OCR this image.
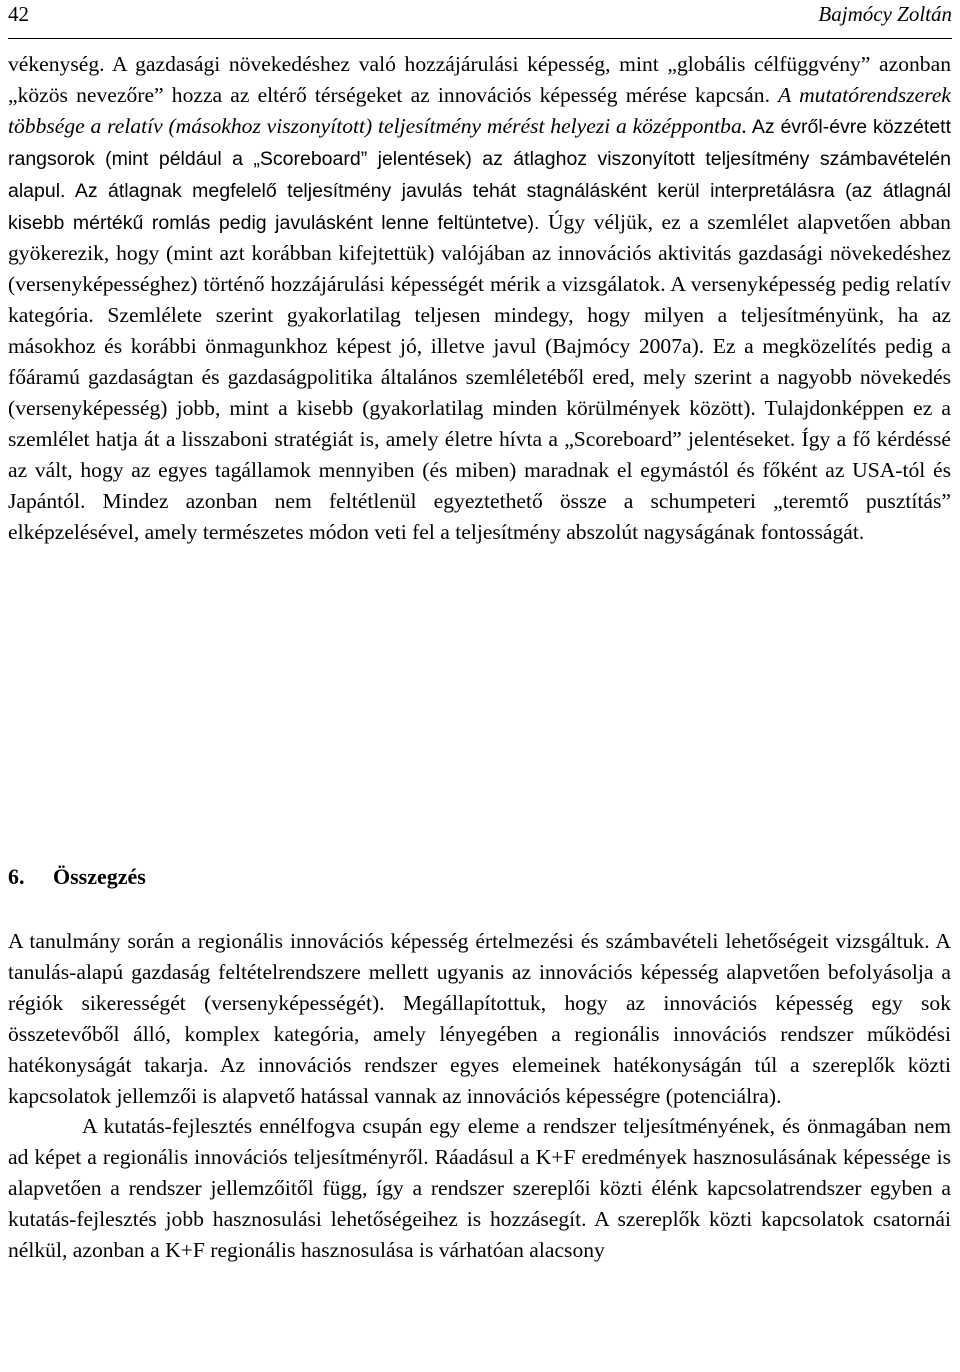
42	Bajmócy Zoltán

vékenység. A gazdasági növekedéshez való hozzájárulási képesség, mint „globális célfüggvény” azonban „közös nevezőre” hozza az eltérő térségeket az innovációs képesség mérése kapcsán. A mutatórendszerek többsége a relatív (másokhoz viszonyított) teljesítmény mérést helyezi a középpontba. Az évről-évre közzétett rangsorok (mint például a „Scoreboard” jelentések) az átlaghoz viszonyított teljesítmény számbavételén alapul. Az átlagnak megfelelő teljesítmény javulás tehát stagnálásként kerül interpretálásra (az átlagnál kisebb mértékű romlás pedig javulásként lenne feltüntetve). Úgy véljük, ez a szemlélet alapvetően abban gyökerezik, hogy (mint azt korábban kifejtettük) valójában az innovációs aktivitás gazdasági növekedéshez (versenyképességhez) történő hozzájárulási képességét mérik a vizsgálatok. A versenyképesség pedig relatív kategória. Szemlélete szerint gyakorlatilag teljesen mindegy, hogy milyen a teljesítményünk, ha az másokhoz és korábbi önmagunkhoz képest jó, illetve javul (Bajmócy 2007a). Ez a megközelítés pedig a főáramú gazdaságtan és gazdaságpolitika általános szemléletéből ered, mely szerint a nagyobb növekedés (versenyképesség) jobb, mint a kisebb (gyakorlatilag minden körülmények között). Tulajdonképpen ez a szemlélet hatja át a lisszaboni stratégiát is, amely életre hívta a „Scoreboard” jelentéseket. Így a fő kérdéssé az vált, hogy az egyes tagállamok mennyiben (és miben) maradnak el egymástól és főként az USA-tól és Japántól. Mindez azonban nem feltétlenül egyeztethető össze a schumpeteri „teremtő pusztítás” elképzelésével, amely természetes módon veti fel a teljesítmény abszolút nagyságának fontosságát.

6. Összegzés

A tanulmány során a regionális innovációs képesség értelmezési és számbavételi lehetőségeit vizsgáltuk. A tanulás-alapú gazdaság feltételrendszere mellett ugyanis az innovációs képesség alapvetően befolyásolja a régiók sikerességét (versenyképességét). Megállapítottuk, hogy az innovációs képesség egy sok összetevőből álló, komplex kategória, amely lényegében a regionális innovációs rendszer működési hatékonyságát takarja. Az innovációs rendszer egyes elemeinek hatékonyságán túl a szereplők közti kapcsolatok jellemzői is alapvető hatással vannak az innovációs képességre (potenciálra).

A kutatás-fejlesztés ennélfogva csupán egy eleme a rendszer teljesítményének, és önmagában nem ad képet a regionális innovációs teljesítményről. Ráadásul a K+F eredmények hasznosulásának képessége is alapvetően a rendszer jellemzőitől függ, így a rendszer szereplői közti élénk kapcsolatrendszer egyben a kutatás-fejlesztés jobb hasznosulási lehetőségeihez is hozzásegít. A szereplők közti kapcsolatok csatornái nélkül, azonban a K+F regionális hasznosulása is várhatóan alacsony
